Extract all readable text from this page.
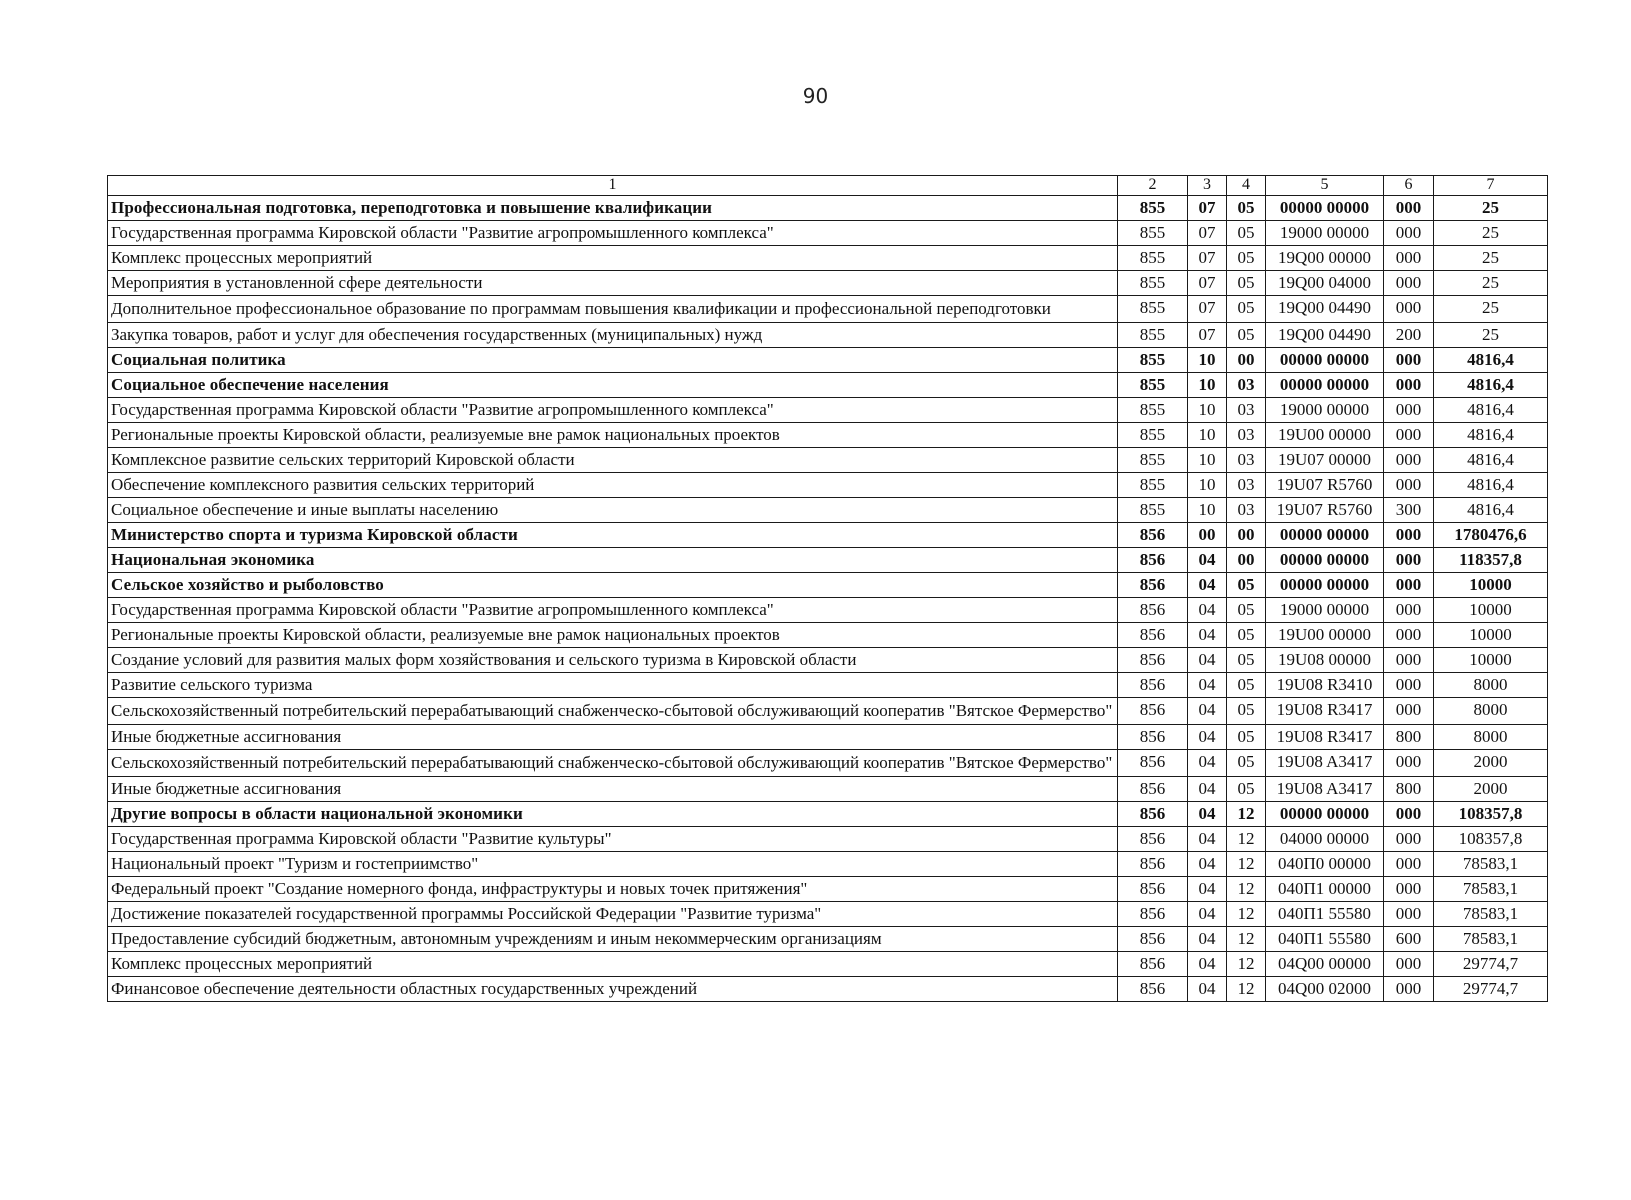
90
1	2	3	4	5	6	7
Профессиональная подготовка, переподготовка и повышение квалификации	855	07	05	00000 00000	000	25
Государственная программа Кировской области "Развитие агропромышленного комплекса"	855	07	05	19000 00000	000	25
Комплекс процессных мероприятий	855	07	05	19Q00 00000	000	25
Мероприятия в установленной сфере деятельности	855	07	05	19Q00 04000	000	25
Дополнительное профессиональное образование по программам повышения квалификации и профессиональной переподготовки	855	07	05	19Q00 04490	000	25
Закупка товаров, работ и услуг для обеспечения государственных (муниципальных) нужд	855	07	05	19Q00 04490	200	25
Социальная политика	855	10	00	00000 00000	000	4816,4
Социальное обеспечение населения	855	10	03	00000 00000	000	4816,4
Государственная программа Кировской области "Развитие агропромышленного комплекса"	855	10	03	19000 00000	000	4816,4
Региональные проекты Кировской области, реализуемые вне рамок национальных проектов	855	10	03	19U00 00000	000	4816,4
Комплексное развитие сельских территорий Кировской области	855	10	03	19U07 00000	000	4816,4
Обеспечение комплексного развития сельских территорий	855	10	03	19U07 R5760	000	4816,4
Социальное обеспечение и иные выплаты населению	855	10	03	19U07 R5760	300	4816,4
Министерство спорта и туризма Кировской области	856	00	00	00000 00000	000	1780476,6
Национальная экономика	856	04	00	00000 00000	000	118357,8
Сельское хозяйство и рыболовство	856	04	05	00000 00000	000	10000
Государственная программа Кировской области "Развитие агропромышленного комплекса"	856	04	05	19000 00000	000	10000
Региональные проекты Кировской области, реализуемые вне рамок национальных проектов	856	04	05	19U00 00000	000	10000
Создание условий для развития малых форм хозяйствования и сельского туризма в Кировской области	856	04	05	19U08 00000	000	10000
Развитие сельского туризма	856	04	05	19U08 R3410	000	8000
Сельскохозяйственный потребительский перерабатывающий снабженческо-сбытовой обслуживающий кооператив "Вятское Фермерство"	856	04	05	19U08 R3417	000	8000
Иные бюджетные ассигнования	856	04	05	19U08 R3417	800	8000
Сельскохозяйственный потребительский перерабатывающий снабженческо-сбытовой обслуживающий кооператив "Вятское Фермерство"	856	04	05	19U08 A3417	000	2000
Иные бюджетные ассигнования	856	04	05	19U08 A3417	800	2000
Другие вопросы в области национальной экономики	856	04	12	00000 00000	000	108357,8
Государственная программа Кировской области "Развитие культуры"	856	04	12	04000 00000	000	108357,8
Национальный проект "Туризм и гостеприимство"	856	04	12	040П0 00000	000	78583,1
Федеральный проект "Создание номерного фонда, инфраструктуры и новых точек притяжения"	856	04	12	040П1 00000	000	78583,1
Достижение показателей государственной программы Российской Федерации "Развитие туризма"	856	04	12	040П1 55580	000	78583,1
Предоставление субсидий бюджетным, автономным учреждениям и иным некоммерческим организациям	856	04	12	040П1 55580	600	78583,1
Комплекс процессных мероприятий	856	04	12	04Q00 00000	000	29774,7
Финансовое обеспечение деятельности областных государственных учреждений	856	04	12	04Q00 02000	000	29774,7
